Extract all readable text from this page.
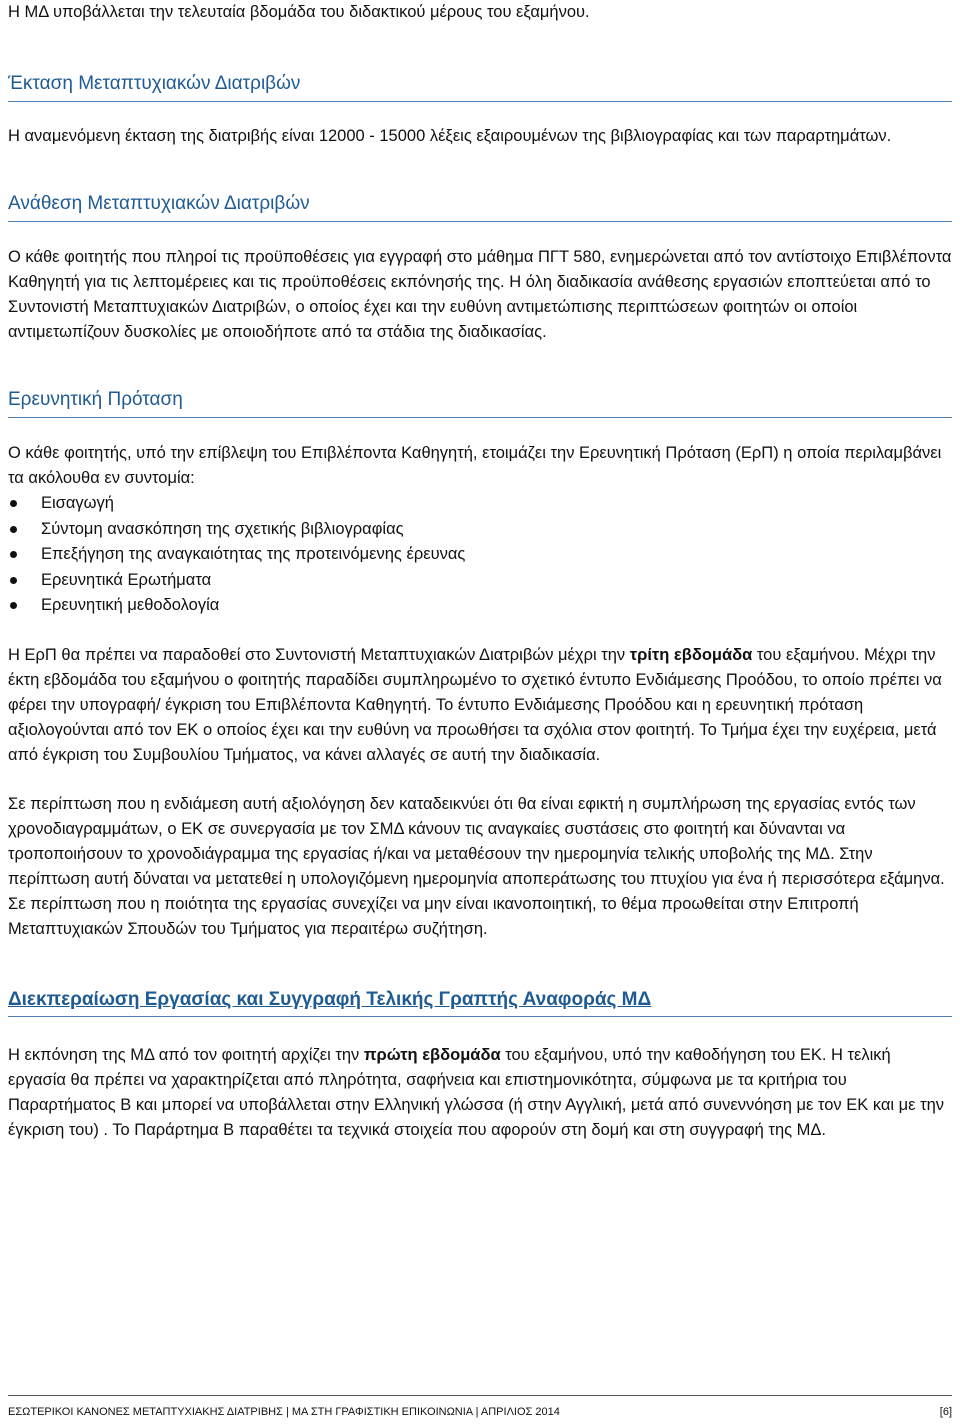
Η ΜΔ υποβάλλεται την τελευταία βδομάδα του διδακτικού μέρους του εξαμήνου.

Έκταση Μεταπτυχιακών Διατριβών

Η αναμενόμενη έκταση της διατριβής είναι 12000 - 15000 λέξεις εξαιρουμένων της βιβλιογραφίας και των παραρτημάτων.

Ανάθεση Μεταπτυχιακών Διατριβών

Ο κάθε φοιτητής που πληροί τις προϋποθέσεις για εγγραφή στο μάθημα ΠΓΤ 580, ενημερώνεται από τον αντίστοιχο Επιβλέποντα Καθηγητή για τις λεπτομέρειες και τις προϋποθέσεις εκπόνησής της. Η όλη διαδικασία ανάθεσης εργασιών εποπτεύεται από το Συντονιστή Μεταπτυχιακών Διατριβών, ο οποίος έχει και την ευθύνη αντιμετώπισης περιπτώσεων φοιτητών οι οποίοι αντιμετωπίζουν δυσκολίες με οποιοδήποτε από τα στάδια της διαδικασίας.

Ερευνητική Πρόταση

Ο κάθε φοιτητής, υπό την επίβλεψη του Επιβλέποντα Καθηγητή, ετοιμάζει την Ερευνητική Πρόταση (ΕρΠ) η οποία περιλαμβάνει τα ακόλουθα εν συντομία:

Εισαγωγή
Σύντομη ανασκόπηση της σχετικής βιβλιογραφίας
Επεξήγηση της αναγκαιότητας της προτεινόμενης έρευνας
Ερευνητικά Ερωτήματα
Ερευνητική μεθοδολογία

Η ΕρΠ θα πρέπει να παραδοθεί στο Συντονιστή Μεταπτυχιακών Διατριβών μέχρι την τρίτη εβδομάδα του εξαμήνου. Μέχρι την έκτη εβδομάδα του εξαμήνου ο φοιτητής παραδίδει συμπληρωμένο το σχετικό έντυπο Ενδιάμεσης Προόδου, το οποίο πρέπει να φέρει την υπογραφή/ έγκριση του Επιβλέποντα Καθηγητή. Το έντυπο Ενδιάμεσης Προόδου και η ερευνητική πρόταση αξιολογούνται από τον ΕΚ ο οποίος έχει και την ευθύνη να προωθήσει τα σχόλια στον φοιτητή. Το Τμήμα έχει την ευχέρεια, μετά από έγκριση του Συμβουλίου Τμήματος, να κάνει αλλαγές σε αυτή την διαδικασία.

Σε περίπτωση που η ενδιάμεση αυτή αξιολόγηση δεν καταδεικνύει ότι θα είναι εφικτή η συμπλήρωση της εργασίας εντός των χρονοδιαγραμμάτων, ο ΕΚ σε συνεργασία με τον ΣΜΔ κάνουν τις αναγκαίες συστάσεις στο φοιτητή και δύνανται να τροποποιήσουν το χρονοδιάγραμμα της εργασίας ή/και να μεταθέσουν την ημερομηνία τελικής υποβολής της ΜΔ. Στην περίπτωση αυτή δύναται να μετατεθεί η υπολογιζόμενη ημερομηνία αποπεράτωσης του πτυχίου για ένα ή περισσότερα εξάμηνα. Σε περίπτωση που η ποιότητα της εργασίας συνεχίζει να μην είναι ικανοποιητική, το θέμα προωθείται στην Επιτροπή Μεταπτυχιακών Σπουδών του Τμήματος για περαιτέρω συζήτηση.

Διεκπεραίωση Εργασίας και Συγγραφή Τελικής Γραπτής Αναφοράς ΜΔ

Η εκπόνηση της ΜΔ από τον φοιτητή αρχίζει την πρώτη εβδομάδα του εξαμήνου, υπό την καθοδήγηση του ΕΚ. Η τελική εργασία θα πρέπει να χαρακτηρίζεται από πληρότητα, σαφήνεια και επιστημονικότητα, σύμφωνα με τα κριτήρια του Παραρτήματος Β και μπορεί να υποβάλλεται στην Ελληνική γλώσσα (ή στην Αγγλική, μετά από συνεννόηση με τον ΕΚ και με την έγκριση του) . Το Παράρτημα Β παραθέτει τα τεχνικά στοιχεία που αφορούν στη δομή και στη συγγραφή της ΜΔ.

ΕΣΩΤΕΡΙΚΟΙ ΚΑΝΟΝΕΣ ΜΕΤΑΠΤΥΧΙΑΚΗΣ ΔΙΑΤΡΙΒΗΣ | ΜΑ ΣΤΗ ΓΡΑΦΙΣΤΙΚΗ ΕΠΙΚΟΙΝΩΝΙΑ | ΑΠΡΙΛΙΟΣ 2014	[6]
